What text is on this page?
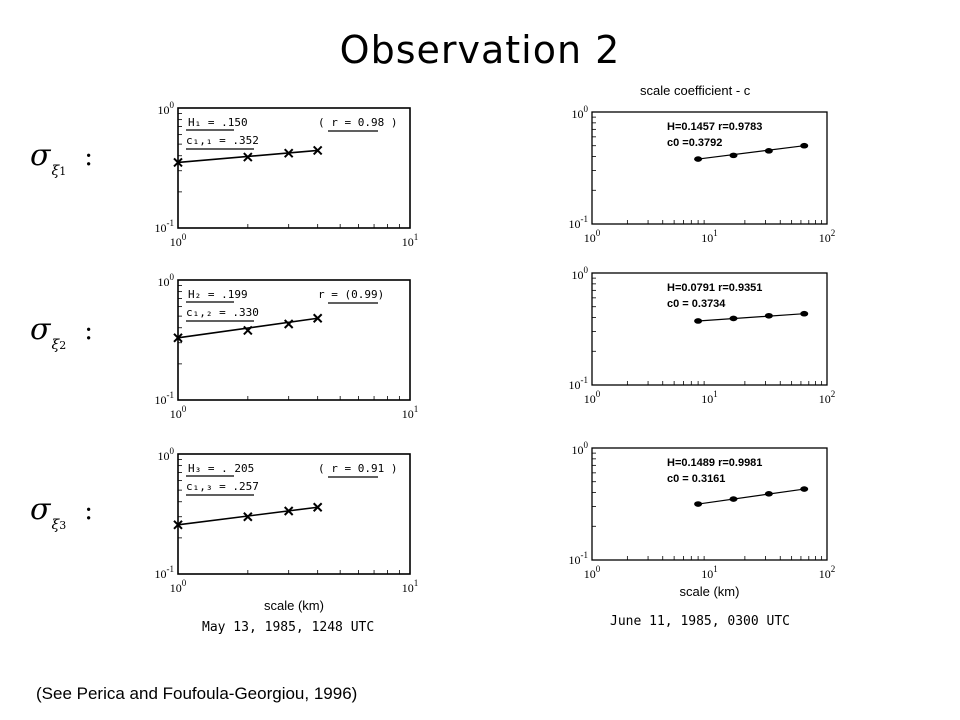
Observation 2
scale coefficient - c
$\sigma_{\xi 1}$ :
$\sigma_{\xi 2}$ :
$\sigma_{\xi 3}$ :
$10^0$
$10^{-1}$
$10^0$	$10^1$
H₁ = .150
c₁,₁ = .352
( r = 0.98 )
$10^0$
$10^{-1}$
$10^0$	$10^1$
H₂ = .199
c₁,₂ = .330
r = (0.99)
$10^0$
$10^{-1}$
$10^0$	$10^1$
H₃ = . 205
c₁,₃ = .257
( r = 0.91 )
scale (km)
$10^0$
$10^{-1}$
$10^0$	$10^1$	$10^2$
H=0.1457 r=0.9783
c0 =0.3792
$10^0$
$10^{-1}$
$10^0$	$10^1$	$10^2$
H=0.0791 r=0.9351
c0 = 0.3734
$10^0$
$10^{-1}$
$10^0$	$10^1$	$10^2$
H=0.1489 r=0.9981
c0 = 0.3161
scale (km)
May 13, 1985, 1248 UTC	June 11, 1985, 0300 UTC
(See Perica and Foufoula-Georgiou, 1996)
